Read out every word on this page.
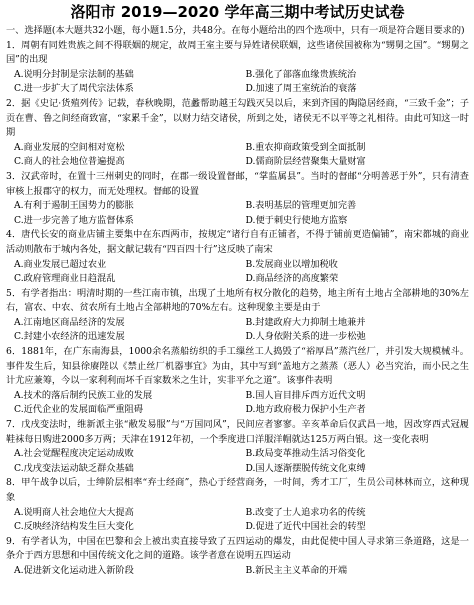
洛阳市 2019—2020 学年高三期中考试历史试卷

一、选择题(本大题共32小题，每小题1.5分，共48分。在每小题给出的四个选项中，只有一项是符合题目要求的)

1．周朝有同姓贵族之间不得联姻的规定，故周王室主要与异姓诸侯联姻，这些诸侯国被称为“甥舅之国”。“甥舅之国”的出现

A.说明分封制是宗法制的基础	B.强化了部落血缘贵族统治
C.进一步扩大了周代宗法体系	D.加速了周王室统治的衰落

2．据《史记·货殖列传》记载，春秋晚期，范蠡帮助越王勾践灭吴以后，来到齐国的陶隐居经商，“三致千金”；子贡在曹、鲁之间经商致富，“家累千金”，以财力结交诸侯，所到之处，诸侯无不以平等之礼相待。由此可知这一时期

A.商业发展的空间相对宽松	B.重农抑商政策受到全面抵制
C.商人的社会地位普遍提高	D.儒商阶层经营聚集大量财富

3．汉武帝时，在置十三州刺史的同时，在郡一级设置督邮，“掌监属县”。当时的督邮“分明善恶于外”，只有清查审核上报郡守的权力，而无处理权。督邮的设置

A.有利于遏制王国势力的膨胀	B.表明基层的管理更加完善
C.进一步完善了地方监督体系	D.便于刺史行使地方监察

4．唐代长安的商业店铺主要集中在东西两市，按规定“诸行自有正铺者，不得于铺前更造偏铺”，南宋都城的商业活动则散布于城内各处，据文献记载有“四百四十行”这反映了南宋

A.商业发展已超过农业	B.发展商业以增加税收
C.政府管理商业日趋混乱	D.商品经济的高度繁荣

5．有学者指出：明清时期的一些江南市镇，出现了土地所有权分散化的趋势，地主所有土地占全部耕地的30%左右，富农、中农、贫农所有土地占全部耕地的70%左右。这种现象主要是由于

A.江南地区商品经济的发展	B.封建政府大力抑制土地兼并
C.封建小农经济的迅速发展	D.人身依附关系的进一步松弛

6．1881年，在广东南海县，1000余名蒸船纺织的手工缫丝工人捣毁了“裕厚昌”蒸汽丝厂，并引发大规模械斗。事件发生后，知县徐赓陛以《禁止丝厂机器事宜》为由，其中写到“盖地方之蒸蒸（恶人）必当究治，而小民之生计尤应兼筹，今以一家利利而坏千百家数米之生计，实非平允之道”。该事件表明

A.技术的落后制约民族工业的发展	B.国人盲目排斥西方近代文明
C.近代企业的发展面临严重阻碍	D.地方政府极力保护小生产者

7．戊戌变法时，维新派主张“敝发易服”与“万国同风”，民间应者寥寥。辛亥革命后仅武昌一地，因改穿西式冠履鞋袜每日购进2000多万两；天津在1912年初，一个季度进口洋服洋帽就达125万两白银。这一变化表明

A.社会觉醒程度决定运动成败	B.政局变革推动生活习俗变化
C.戊戌变法运动缺乏群众基础	D.国人逐渐摆脱传统文化束缚

8．甲午战争以后，士绅阶层相率“弃士经商”，热心于经营商务，一时间，秀才工厂，生员公司林林而立，这种现象

A.说明商人社会地位大大提高	B.改变了士人追求功名的传统
C.反映经济结构发生巨大变化	D.促进了近代中国社会的转型

9．有学者认为，中国在巴黎和会上被出卖直接导致了五四运动的爆发，由此促使中国人寻求第三条道路，这是一条介于西方思想和中国传统文化之间的道路。该学者意在说明五四运动

A.促进新文化运动进入新阶段	B.新民主主义革命的开端
